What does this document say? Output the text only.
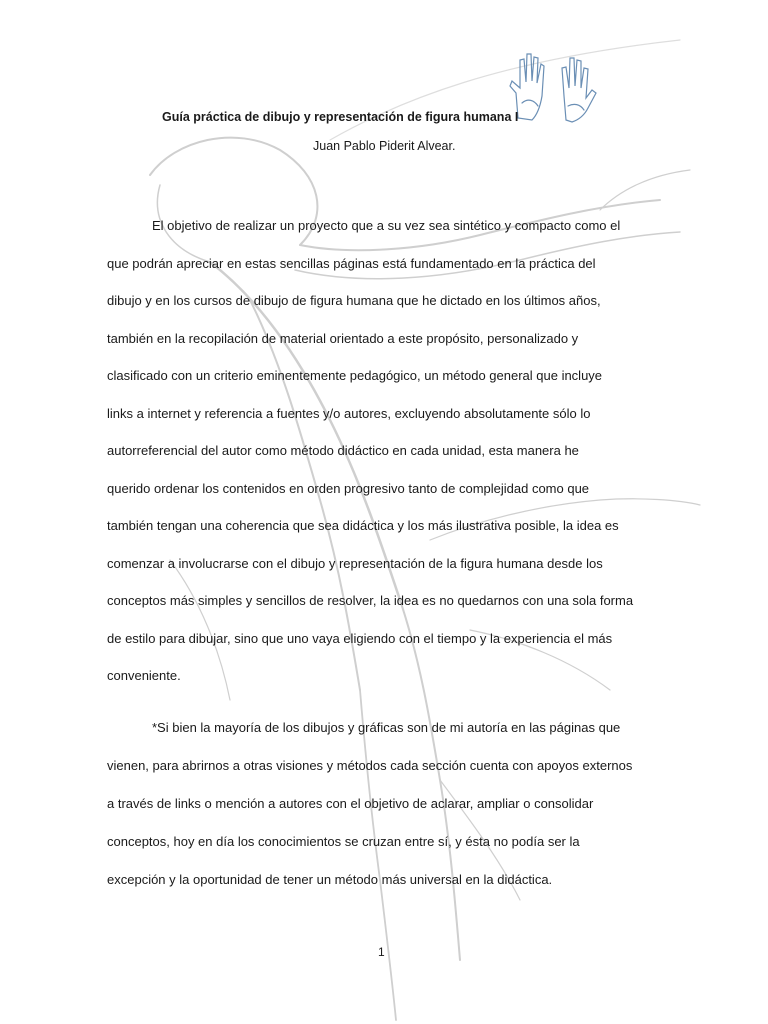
Guía práctica de dibujo y representación de figura humana I
Juan Pablo Piderit Alvear.
El objetivo de realizar un proyecto que a su vez sea sintético y compacto como el
que podrán apreciar en estas sencillas páginas está fundamentado en la práctica del
dibujo y en los cursos de dibujo de figura humana que he dictado en los últimos años,
también en la recopilación de material orientado a este propósito, personalizado y
clasificado con un criterio eminentemente pedagógico, un método general que incluye
links a internet y referencia a fuentes y/o autores, excluyendo absolutamente sólo lo
autorreferencial del autor como método didáctico en cada unidad, esta manera he
querido ordenar los contenidos en orden progresivo tanto de complejidad como que
también tengan una coherencia que sea didáctica y los más ilustrativa posible, la idea es
comenzar a involucrarse con el dibujo y representación de la figura humana desde los
conceptos más simples y sencillos de resolver, la idea es no quedarnos con una sola forma
de estilo para dibujar, sino que uno vaya eligiendo con el tiempo y la experiencia el más
conveniente.
*Si bien la mayoría de los dibujos y gráficas son de mi autoría en las páginas que
vienen, para abrirnos a otras visiones y métodos cada sección cuenta con apoyos externos
a través de links o mención a autores con el objetivo de aclarar, ampliar o consolidar
conceptos, hoy en día los conocimientos se cruzan entre sí, y ésta no podía ser la
excepción y la oportunidad de tener un método más universal en la didáctica.
1
